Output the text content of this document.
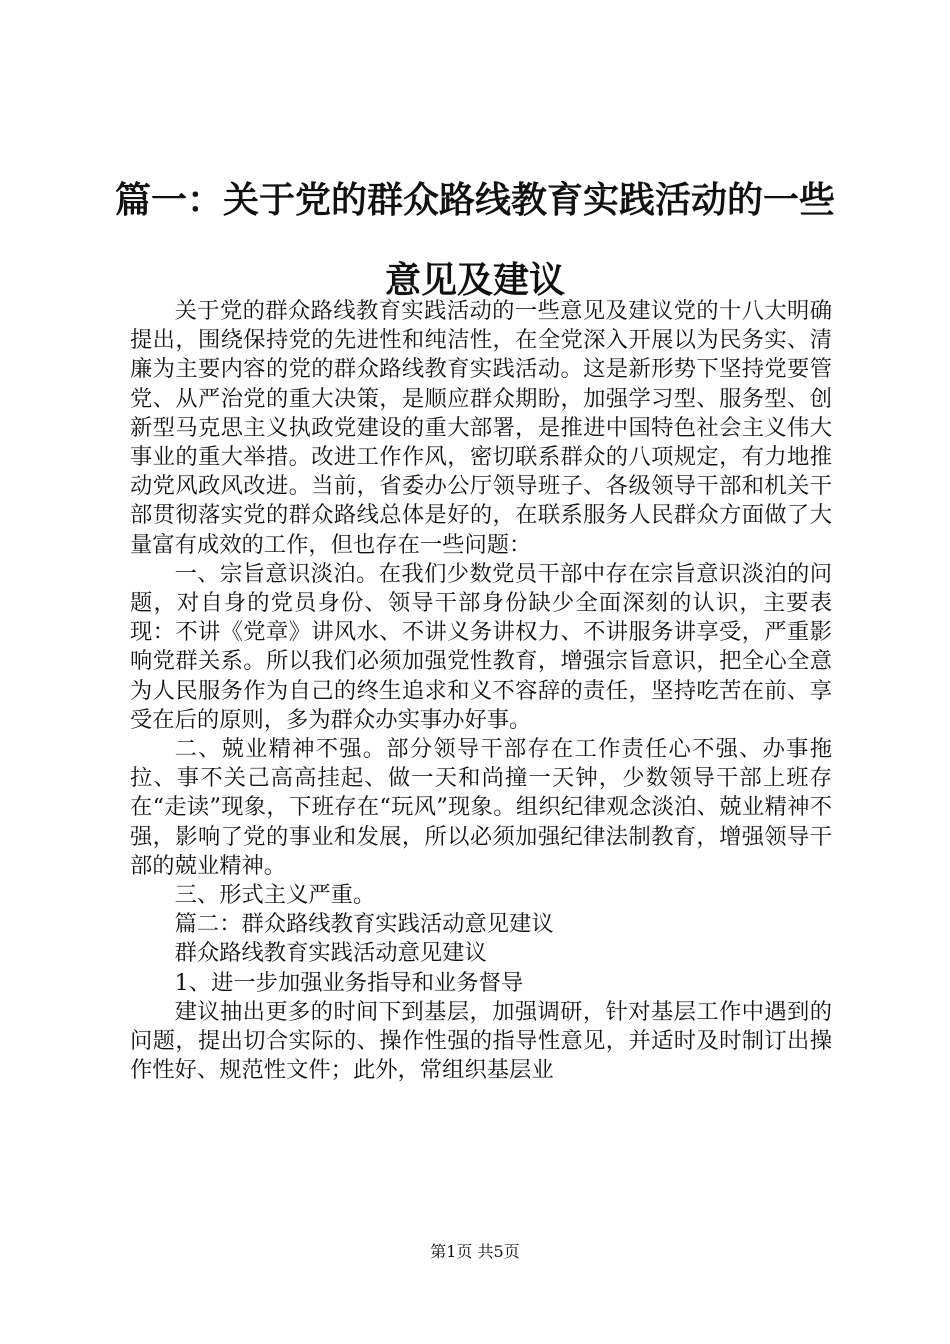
篇一：关于党的群众路线教育实践活动的一些
意见及建议

关于党的群众路线教育实践活动的一些意见及建议党的十八大明确提出，围绕保持党的先进性和纯洁性，在全党深入开展以为民务实、清廉为主要内容的党的群众路线教育实践活动。这是新形势下坚持党要管党、从严治党的重大决策，是顺应群众期盼，加强学习型、服务型、创新型马克思主义执政党建设的重大部署，是推进中国特色社会主义伟大事业的重大举措。改进工作作风，密切联系群众的八项规定，有力地推动党风政风改进。当前，省委办公厅领导班子、各级领导干部和机关干部贯彻落实党的群众路线总体是好的，在联系服务人民群众方面做了大量富有成效的工作，但也存在一些问题：

一、宗旨意识淡泊。在我们少数党员干部中存在宗旨意识淡泊的问题，对自身的党员身份、领导干部身份缺少全面深刻的认识，主要表现：不讲《党章》讲风水、不讲义务讲权力、不讲服务讲享受，严重影响党群关系。所以我们必须加强党性教育，增强宗旨意识，把全心全意为人民服务作为自己的终生追求和义不容辞的责任，坚持吃苦在前、享受在后的原则，多为群众办实事办好事。

二、兢业精神不强。部分领导干部存在工作责任心不强、办事拖拉、事不关己高高挂起、做一天和尚撞一天钟，少数领导干部上班存在“走读”现象，下班存在“玩风”现象。组织纪律观念淡泊、兢业精神不强，影响了党的事业和发展，所以必须加强纪律法制教育，增强领导干部的兢业精神。

三、形式主义严重。

篇二：群众路线教育实践活动意见建议

群众路线教育实践活动意见建议

1、进一步加强业务指导和业务督导

建议抽出更多的时间下到基层，加强调研，针对基层工作中遇到的问题，提出切合实际的、操作性强的指导性意见，并适时及时制订出操作性好、规范性文件；此外，常组织基层业

第1页 共5页
